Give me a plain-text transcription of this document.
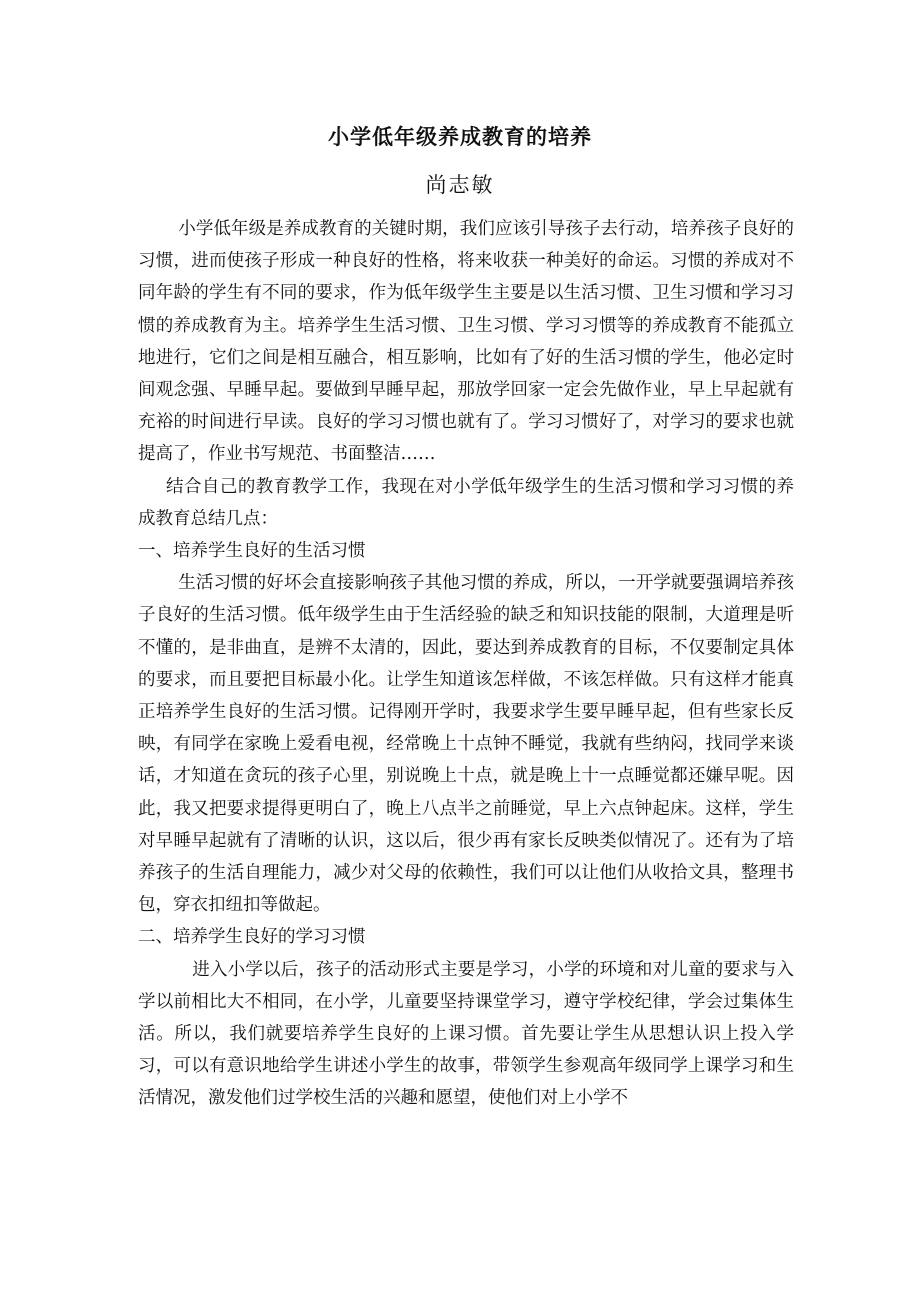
小学低年级养成教育的培养
尚志敏

小学低年级是养成教育的关键时期，我们应该引导孩子去行动，培养孩子良好的习惯，进而使孩子形成一种良好的性格，将来收获一种美好的命运。习惯的养成对不同年龄的学生有不同的要求，作为低年级学生主要是以生活习惯、卫生习惯和学习习惯的养成教育为主。培养学生生活习惯、卫生习惯、学习习惯等的养成教育不能孤立地进行，它们之间是相互融合，相互影响，比如有了好的生活习惯的学生，他必定时间观念强、早睡早起。要做到早睡早起，那放学回家一定会先做作业，早上早起就有充裕的时间进行早读。良好的学习习惯也就有了。学习习惯好了，对学习的要求也就提高了，作业书写规范、书面整洁……

结合自己的教育教学工作，我现在对小学低年级学生的生活习惯和学习习惯的养成教育总结几点：

一、培养学生良好的生活习惯

生活习惯的好坏会直接影响孩子其他习惯的养成，所以，一开学就要强调培养孩子良好的生活习惯。低年级学生由于生活经验的缺乏和知识技能的限制，大道理是听不懂的，是非曲直，是辨不太清的，因此，要达到养成教育的目标，不仅要制定具体的要求，而且要把目标最小化。让学生知道该怎样做，不该怎样做。只有这样才能真正培养学生良好的生活习惯。记得刚开学时，我要求学生要早睡早起，但有些家长反映，有同学在家晚上爱看电视，经常晚上十点钟不睡觉，我就有些纳闷，找同学来谈话，才知道在贪玩的孩子心里，别说晚上十点，就是晚上十一点睡觉都还嫌早呢。因此，我又把要求提得更明白了，晚上八点半之前睡觉，早上六点钟起床。这样，学生对早睡早起就有了清晰的认识，这以后，很少再有家长反映类似情况了。还有为了培养孩子的生活自理能力，减少对父母的依赖性，我们可以让他们从收拾文具，整理书包，穿衣扣纽扣等做起。

二、培养学生良好的学习习惯

进入小学以后，孩子的活动形式主要是学习，小学的环境和对儿童的要求与入学以前相比大不相同，在小学，儿童要坚持课堂学习，遵守学校纪律，学会过集体生活。所以，我们就要培养学生良好的上课习惯。首先要让学生从思想认识上投入学习，可以有意识地给学生讲述小学生的故事，带领学生参观高年级同学上课学习和生活情况，激发他们过学校生活的兴趣和愿望，使他们对上小学不
